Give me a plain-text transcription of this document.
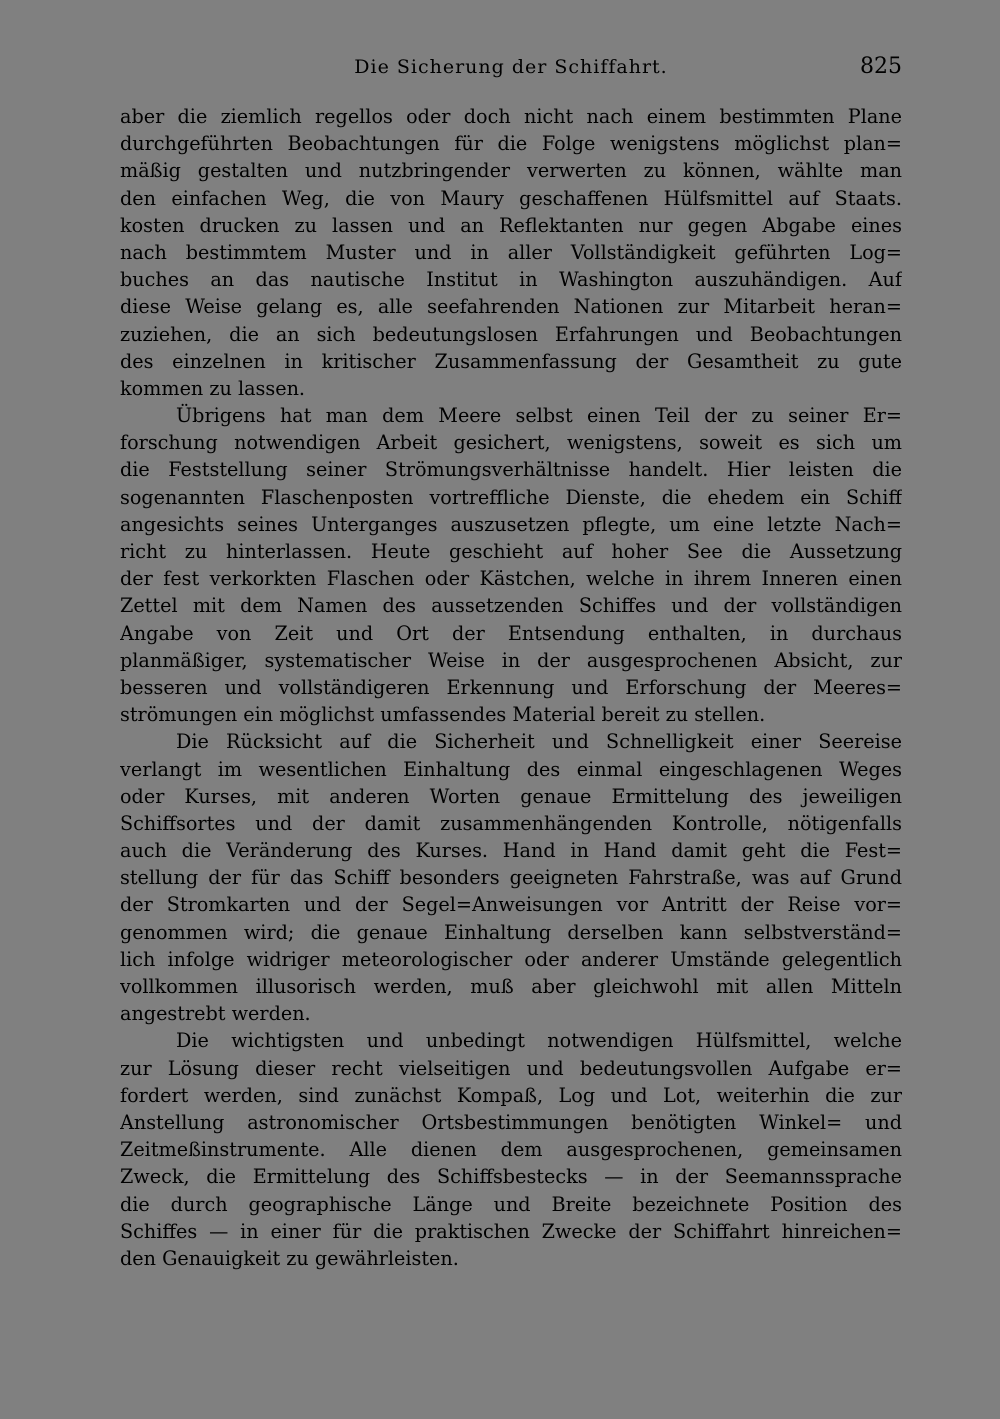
Die Sicherung der Schiffahrt.	825
aber die ziemlich regellos oder doch nicht nach einem bestimmten Plane
durchgeführten Beobachtungen für die Folge wenigstens möglichst plan=
mäßig gestalten und nutzbringender verwerten zu können, wählte man
den einfachen Weg, die von Maury geschaffenen Hülfsmittel auf Staats.
kosten drucken zu lassen und an Reflektanten nur gegen Abgabe eines
nach bestimmtem Muster und in aller Vollständigkeit geführten Log=
buches an das nautische Institut in Washington auszuhändigen. Auf
diese Weise gelang es, alle seefahrenden Nationen zur Mitarbeit heran=
zuziehen, die an sich bedeutungslosen Erfahrungen und Beobachtungen
des einzelnen in kritischer Zusammenfassung der Gesamtheit zu gute
kommen zu lassen.
Übrigens hat man dem Meere selbst einen Teil der zu seiner Er=
forschung notwendigen Arbeit gesichert, wenigstens, soweit es sich um
die Feststellung seiner Strömungsverhältnisse handelt. Hier leisten die
sogenannten Flaschenposten vortreffliche Dienste, die ehedem ein Schiff
angesichts seines Unterganges auszusetzen pflegte, um eine letzte Nach=
richt zu hinterlassen. Heute geschieht auf hoher See die Aussetzung
der fest verkorkten Flaschen oder Kästchen, welche in ihrem Inneren einen
Zettel mit dem Namen des aussetzenden Schiffes und der vollständigen
Angabe von Zeit und Ort der Entsendung enthalten, in durchaus
planmäßiger, systematischer Weise in der ausgesprochenen Absicht, zur
besseren und vollständigeren Erkennung und Erforschung der Meeres=
strömungen ein möglichst umfassendes Material bereit zu stellen.
Die Rücksicht auf die Sicherheit und Schnelligkeit einer Seereise
verlangt im wesentlichen Einhaltung des einmal eingeschlagenen Weges
oder Kurses, mit anderen Worten genaue Ermittelung des jeweiligen
Schiffsortes und der damit zusammenhängenden Kontrolle, nötigenfalls
auch die Veränderung des Kurses. Hand in Hand damit geht die Fest=
stellung der für das Schiff besonders geeigneten Fahrstraße, was auf Grund
der Stromkarten und der Segel=Anweisungen vor Antritt der Reise vor=
genommen wird; die genaue Einhaltung derselben kann selbstverständ=
lich infolge widriger meteorologischer oder anderer Umstände gelegentlich
vollkommen illusorisch werden, muß aber gleichwohl mit allen Mitteln
angestrebt werden.
Die wichtigsten und unbedingt notwendigen Hülfsmittel, welche
zur Lösung dieser recht vielseitigen und bedeutungsvollen Aufgabe er=
fordert werden, sind zunächst Kompaß, Log und Lot, weiterhin die zur
Anstellung astronomischer Ortsbestimmungen benötigten Winkel= und
Zeitmeßinstrumente. Alle dienen dem ausgesprochenen, gemeinsamen
Zweck, die Ermittelung des Schiffsbestecks — in der Seemannssprache
die durch geographische Länge und Breite bezeichnete Position des
Schiffes — in einer für die praktischen Zwecke der Schiffahrt hinreichen=
den Genauigkeit zu gewährleisten.
